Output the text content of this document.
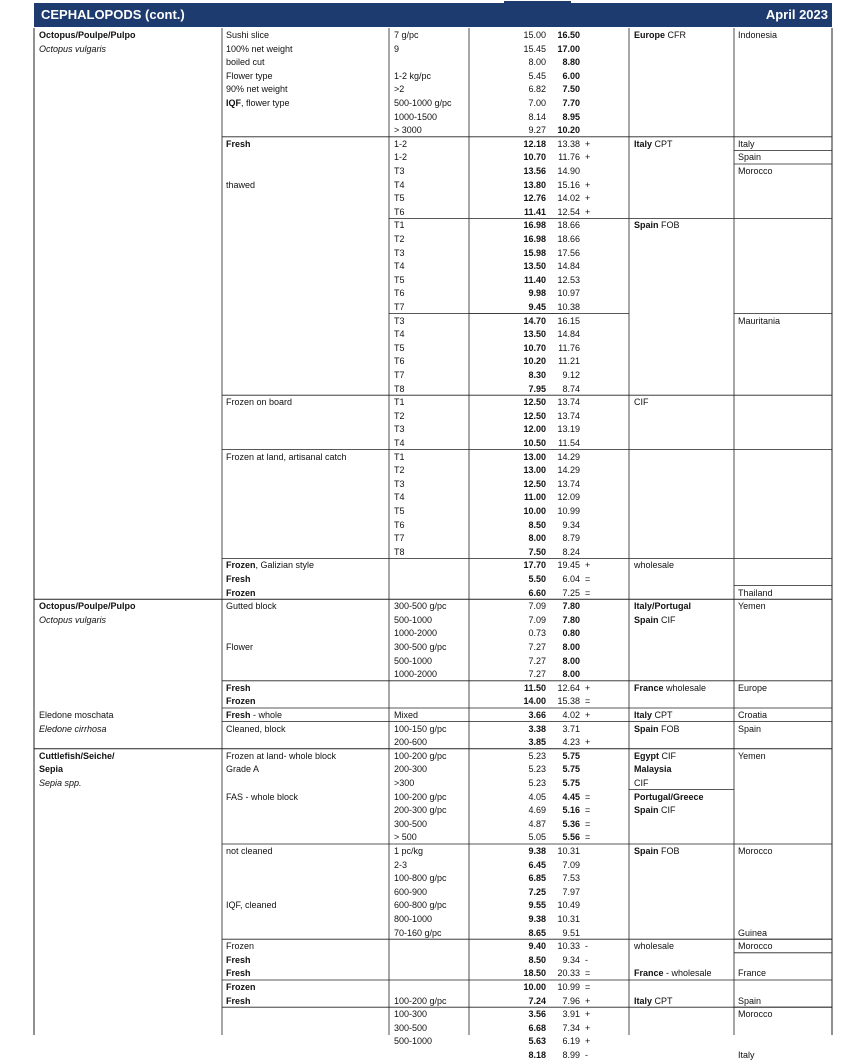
CEPHALOPODS (cont.)	April 2023
Octopus/Poulpe/Pulpo	Sushi slice	7 g/pc	15.00	16.50	Europe CFR	Indonesia
Octopus vulgaris	100% net weight	9	15.45	17.00
boiled cut	8.00	8.80
Flower type	1-2 kg/pc	5.45	6.00
90% net weight	>2	6.82	7.50
IQF, flower type	500-1000 g/pc	7.00	7.70
1000-1500	8.14	8.95
> 3000	9.27	10.20
Fresh	1-2	12.18	13.38 +	Italy CPT	Italy
1-2	10.70	11.76 +	Spain
T3	13.56	14.90	Morocco
thawed	T4	13.80	15.16 +
T5	12.76	14.02 +
T6	11.41	12.54 +
T1	16.98	18.66	Spain FOB
T2	16.98	18.66
T3	15.98	17.56
T4	13.50	14.84
T5	11.40	12.53
T6	9.98	10.97
T7	9.45	10.38
T3	14.70	16.15	Mauritania
T4	13.50	14.84
T5	10.70	11.76
T6	10.20	11.21
T7	8.30	9.12
T8	7.95	8.74
Frozen on board	T1	12.50	13.74	CIF
T2	12.50	13.74
T3	12.00	13.19
T4	10.50	11.54
Frozen at land, artisanal catch	T1	13.00	14.29
T2	13.00	14.29
T3	12.50	13.74
T4	11.00	12.09
T5	10.00	10.99
T6	8.50	9.34
T7	8.00	8.79
T8	7.50	8.24
Frozen, Galizian style	17.70	19.45 +	wholesale
Fresh	5.50	6.04 =
Frozen	6.60	7.25 =	Thailand
Octopus/Poulpe/Pulpo	Gutted block	300-500 g/pc	7.09	7.80	Italy/Portugal	Yemen
Octopus vulgaris	500-1000	7.09	7.80	Spain CIF
1000-2000	0.73	0.80
Flower	300-500 g/pc	7.27	8.00
500-1000	7.27	8.00
1000-2000	7.27	8.00
Fresh	11.50	12.64 +	France wholesale	Europe
Frozen	14.00	15.38 =
Eledone moschata	Fresh - whole	Mixed	3.66	4.02 +	Italy CPT	Croatia
Eledone cirrhosa	Cleaned, block	100-150 g/pc	3.38	3.71	Spain FOB	Spain
200-600	3.85	4.23 +
Cuttlefish/Seiche/	Frozen at land- whole block	100-200 g/pc	5.23	5.75	Egypt CIF	Yemen
Sepia	Grade A	200-300	5.23	5.75	Malaysia
Sepia spp.	>300	5.23	5.75	CIF
FAS - whole block	100-200 g/pc	4.05	4.45 =	Portugal/Greece
200-300 g/pc	4.69	5.16 =	Spain CIF
300-500	4.87	5.36 =
> 500	5.05	5.56 =
not cleaned	1 pc/kg	9.38	10.31	Spain FOB	Morocco
2-3	6.45	7.09
100-800 g/pc	6.85	7.53
600-900	7.25	7.97
IQF, cleaned	600-800 g/pc	9.55	10.49
800-1000	9.38	10.31
70-160 g/pc	8.65	9.51	Guinea
Frozen	9.40	10.33 -	wholesale	Morocco
Fresh	8.50	9.34 -
Fresh	18.50	20.33 =	France - wholesale	France
Frozen	10.00	10.99 =
Fresh	100-200 g/pc	7.24	7.96 +	Italy CPT	Spain
100-300	3.56	3.91 +	Morocco
300-500	6.68	7.34 +
500-1000	5.63	6.19 +
8.18	8.99 -	Italy
